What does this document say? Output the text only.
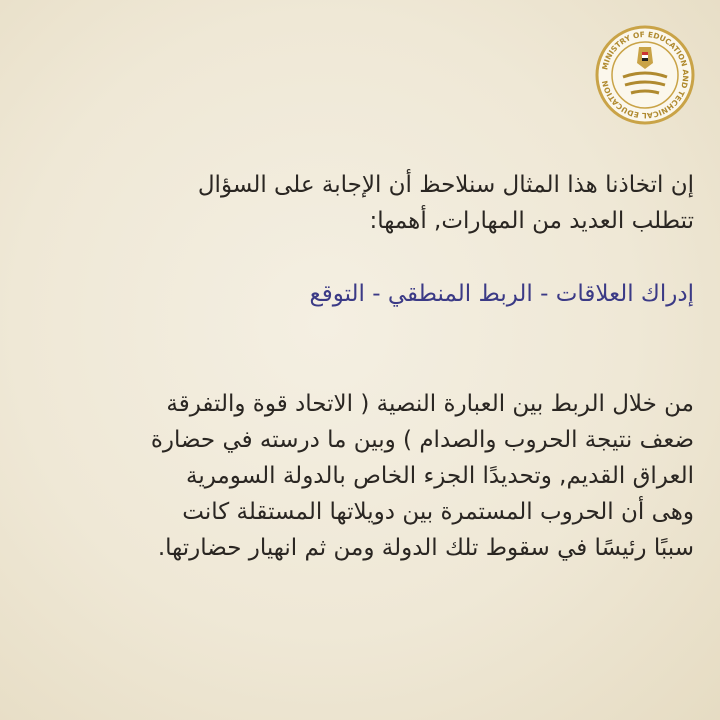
MINISTRY OF EDUCATION AND TECHNICAL EDUCATION
إن اتخاذنا هذا المثال سنلاحظ أن الإجابة على السؤال
تتطلب العديد من المهارات, أهمها:
إدراك العلاقات - الربط المنطقي - التوقع
من خلال الربط بين العبارة النصية ( الاتحاد قوة والتفرقة
ضعف نتيجة الحروب والصدام ) وبين ما درسته في حضارة
العراق القديم, وتحديدًا الجزء الخاص بالدولة السومرية
وهى أن الحروب المستمرة بين دويلاتها المستقلة كانت
سببًا رئيسًا في سقوط تلك الدولة ومن ثم انهيار حضارتها.
